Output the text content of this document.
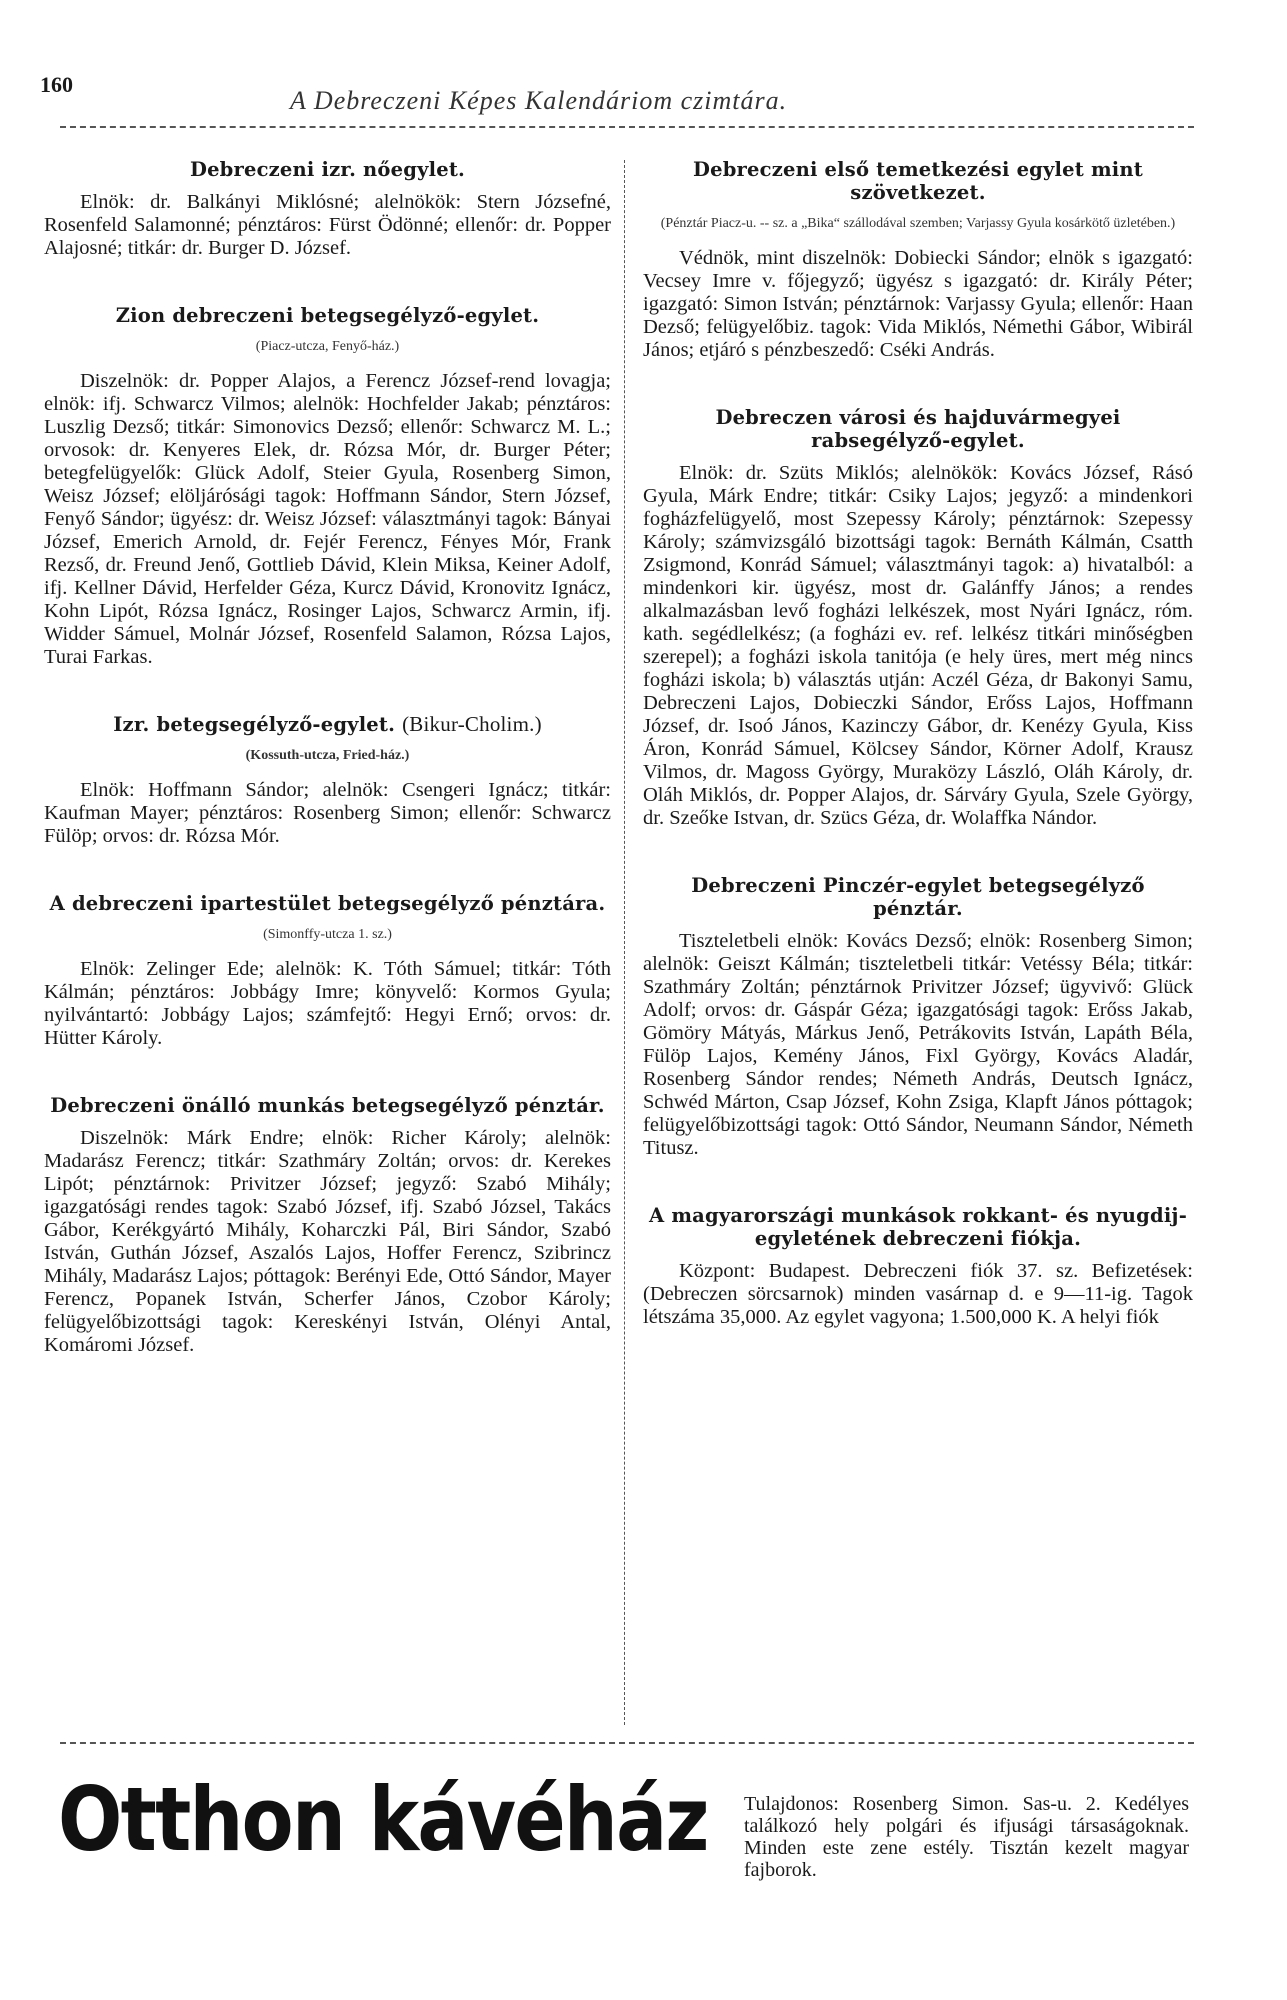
160
A Debreczeni Képes Kalendáriom czimtára.

Debreczeni izr. nőegylet.

Elnök: dr. Balkányi Miklósné; alelnökök: Stern Józsefné, Rosenfeld Salamonné; pénztáros: Fürst Ödönné; ellenőr: dr. Popper Alajosné; titkár: dr. Burger D. József.

Zion debreczeni betegsegélyző-egylet.

(Piacz-utcza, Fenyő-ház.)

Diszelnök: dr. Popper Alajos, a Ferencz József-rend lovagja; elnök: ifj. Schwarcz Vilmos; alelnök: Hochfelder Jakab; pénztáros: Luszlig Dezső; titkár: Simonovics Dezső; ellenőr: Schwarcz M. L.; orvosok: dr. Kenyeres Elek, dr. Rózsa Mór, dr. Burger Péter; betegfelügyelők: Glück Adolf, Steier Gyula, Rosenberg Simon, Weisz József; elöljárósági tagok: Hoffmann Sándor, Stern József, Fenyő Sándor; ügyész: dr. Weisz József: választmányi tagok: Bányai József, Emerich Arnold, dr. Fejér Ferencz, Fényes Mór, Frank Rezső, dr. Freund Jenő, Gottlieb Dávid, Klein Miksa, Keiner Adolf, ifj. Kellner Dávid, Herfelder Géza, Kurcz Dávid, Kronovitz Ignácz, Kohn Lipót, Rózsa Ignácz, Rosinger Lajos, Schwarcz Armin, ifj. Widder Sámuel, Molnár József, Rosenfeld Salamon, Rózsa Lajos, Turai Farkas.

Izr. betegsegélyző-egylet. (Bikur-Cholim.)

(Kossuth-utcza, Fried-ház.)

Elnök: Hoffmann Sándor; alelnök: Csengeri Ignácz; titkár: Kaufman Mayer; pénztáros: Rosenberg Simon; ellenőr: Schwarcz Fülöp; orvos: dr. Rózsa Mór.

A debreczeni ipartestület betegsegélyző pénztára.

(Simonffy-utcza 1. sz.)

Elnök: Zelinger Ede; alelnök: K. Tóth Sámuel; titkár: Tóth Kálmán; pénztáros: Jobbágy Imre; könyvelő: Kormos Gyula; nyilvántartó: Jobbágy Lajos; számfejtő: Hegyi Ernő; orvos: dr. Hütter Károly.

Debreczeni önálló munkás betegsegélyző pénztár.

Diszelnök: Márk Endre; elnök: Richer Károly; alelnök: Madarász Ferencz; titkár: Szathmáry Zoltán; orvos: dr. Kerekes Lipót; pénztárnok: Privitzer József; jegyző: Szabó Mihály; igazgatósági rendes tagok: Szabó József, ifj. Szabó Józsel, Takács Gábor, Kerékgyártó Mihály, Koharczki Pál, Biri Sándor, Szabó István, Guthán József, Aszalós Lajos, Hoffer Ferencz, Szibrincz Mihály, Madarász Lajos; póttagok: Berényi Ede, Ottó Sándor, Mayer Ferencz, Popanek István, Scherfer János, Czobor Károly; felügyelőbizottsági tagok: Kereskényi István, Olényi Antal, Komáromi József.

Debreczeni első temetkezési egylet mint szövetkezet.

(Pénztár Piacz-u. -- sz. a „Bika“ szállodával szemben; Varjassy Gyula kosárkötő üzletében.)

Védnök, mint diszelnök: Dobiecki Sándor; elnök s igazgató: Vecsey Imre v. főjegyző; ügyész s igazgató: dr. Király Péter; igazgató: Simon István; pénztárnok: Varjassy Gyula; ellenőr: Haan Dezső; felügyelőbiz. tagok: Vida Miklós, Némethi Gábor, Wibirál János; etjáró s pénzbeszedő: Cséki András.

Debreczen városi és hajduvármegyei rabsegélyző-egylet.

Elnök: dr. Szüts Miklós; alelnökök: Kovács József, Rásó Gyula, Márk Endre; titkár: Csiky Lajos; jegyző: a mindenkori fogházfelügyelő, most Szepessy Károly; pénztárnok: Szepessy Károly; számvizsgáló bizottsági tagok: Bernáth Kálmán, Csatth Zsigmond, Konrád Sámuel; választmányi tagok: a) hivatalból: a mindenkori kir. ügyész, most dr. Galánffy János; a rendes alkalmazásban levő fogházi lelkészek, most Nyári Ignácz, róm. kath. segédlelkész; (a fogházi ev. ref. lelkész titkári minőségben szerepel); a fogházi iskola tanitója (e hely üres, mert még nincs fogházi iskola; b) választás utján: Aczél Géza, dr Bakonyi Samu, Debreczeni Lajos, Dobieczki Sándor, Erőss Lajos, Hoffmann József, dr. Isoó János, Kazinczy Gábor, dr. Kenézy Gyula, Kiss Áron, Konrád Sámuel, Kölcsey Sándor, Körner Adolf, Krausz Vilmos, dr. Magoss György, Muraközy László, Oláh Károly, dr. Oláh Miklós, dr. Popper Alajos, dr. Sárváry Gyula, Szele György, dr. Szeőke Istvan, dr. Szücs Géza, dr. Wolaffka Nándor.

Debreczeni Pinczér-egylet betegsegélyző pénztár.

Tiszteletbeli elnök: Kovács Dezső; elnök: Rosenberg Simon; alelnök: Geiszt Kálmán; tiszteletbeli titkár: Vetéssy Béla; titkár: Szathmáry Zoltán; pénztárnok Privitzer József; ügyvivő: Glück Adolf; orvos: dr. Gáspár Géza; igazgatósági tagok: Erőss Jakab, Gömöry Mátyás, Márkus Jenő, Petrákovits István, Lapáth Béla, Fülöp Lajos, Kemény János, Fixl György, Kovács Aladár, Rosenberg Sándor rendes; Németh András, Deutsch Ignácz, Schwéd Márton, Csap József, Kohn Zsiga, Klapft János póttagok; felügyelőbizottsági tagok: Ottó Sándor, Neumann Sándor, Németh Titusz.

A magyarországi munkások rokkant- és nyugdij-egyletének debreczeni fiókja.

Központ: Budapest. Debreczeni fiók 37. sz. Befizetések: (Debreczen sörcsarnok) minden vasárnap d. e 9—11-ig. Tagok létszáma 35,000. Az egylet vagyona; 1.500,000 K. A helyi fiók

Otthon kávéház Tulajdonos: Rosenberg Simon. Sas-u. 2. Kedélyes találkozó hely polgári és ifjusági társaságoknak. Minden este zene estély. Tisztán kezelt magyar fajborok.
